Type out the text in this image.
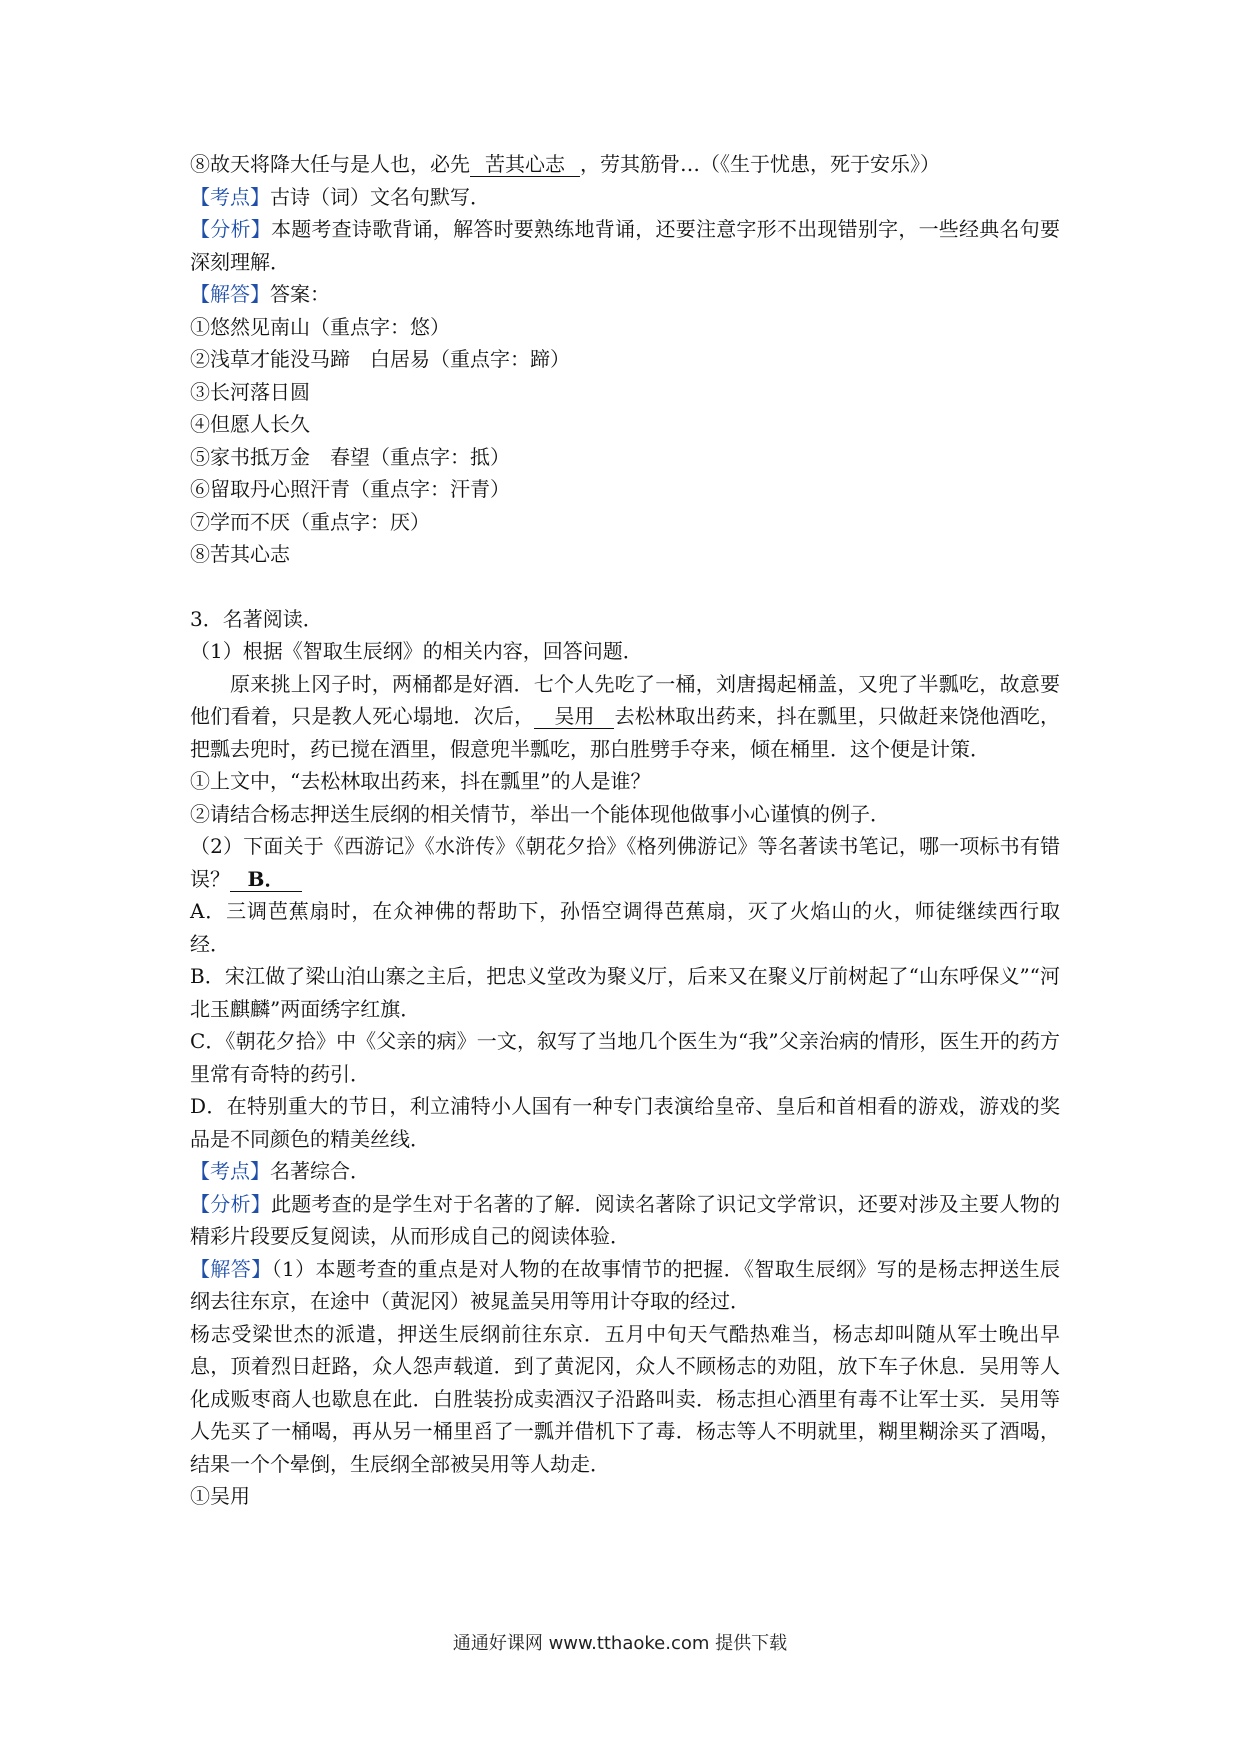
⑧故天将降大任与是人也，必先 苦其心志 ，劳其筋骨…（《生于忧患，死于安乐》）
【考点】古诗（词）文名句默写．
【分析】本题考查诗歌背诵，解答时要熟练地背诵，还要注意字形不出现错别字，一些经典名句要深刻理解．
【解答】答案：
①悠然见南山（重点字：悠）
②浅草才能没马蹄　白居易（重点字：蹄）
③长河落日圆
④但愿人长久
⑤家书抵万金　春望（重点字：抵）
⑥留取丹心照汗青（重点字：汗青）
⑦学而不厌（重点字：厌）
⑧苦其心志
3．名著阅读．
（1）根据《智取生辰纲》的相关内容，回答问题．
原来挑上冈子时，两桶都是好酒．七个人先吃了一桶，刘唐揭起桶盖，又兜了半瓢吃，故意要他们看着，只是教人死心塌地．次后， 吴用 去松林取出药来，抖在瓢里，只做赶来饶他酒吃，把瓢去兜时，药已搅在酒里，假意兜半瓢吃，那白胜劈手夺来，倾在桶里．这个便是计策．
①上文中，“去松林取出药来，抖在瓢里”的人是谁？
②请结合杨志押送生辰纲的相关情节，举出一个能体现他做事小心谨慎的例子．
（2）下面关于《西游记》《水浒传》《朝花夕拾》《格列佛游记》等名著读书笔记，哪一项标书有错误？ B．
A．三调芭蕉扇时，在众神佛的帮助下，孙悟空调得芭蕉扇，灭了火焰山的火，师徒继续西行取经．
B．宋江做了梁山泊山寨之主后，把忠义堂改为聚义厅，后来又在聚义厅前树起了“山东呼保义”“河北玉麒麟”两面绣字红旗．
C．《朝花夕拾》中《父亲的病》一文，叙写了当地几个医生为“我”父亲治病的情形，医生开的药方里常有奇特的药引．
D．在特别重大的节日，利立浦特小人国有一种专门表演给皇帝、皇后和首相看的游戏，游戏的奖品是不同颜色的精美丝线．
【考点】名著综合．
【分析】此题考查的是学生对于名著的了解．阅读名著除了识记文学常识，还要对涉及主要人物的精彩片段要反复阅读，从而形成自己的阅读体验．
【解答】（1）本题考查的重点是对人物的在故事情节的把握．《智取生辰纲》写的是杨志押送生辰纲去往东京，在途中（黄泥冈）被晁盖吴用等用计夺取的经过．
杨志受梁世杰的派遣，押送生辰纲前往东京．五月中旬天气酷热难当，杨志却叫随从军士晚出早息，顶着烈日赶路，众人怨声载道．到了黄泥冈，众人不顾杨志的劝阻，放下车子休息．吴用等人化成贩枣商人也歇息在此．白胜装扮成卖酒汉子沿路叫卖．杨志担心酒里有毒不让军士买．吴用等人先买了一桶喝，再从另一桶里舀了一瓢并借机下了毒．杨志等人不明就里，糊里糊涂买了酒喝，结果一个个晕倒，生辰纲全部被吴用等人劫走．
①吴用
通通好课网 www.tthaoke.com 提供下载
